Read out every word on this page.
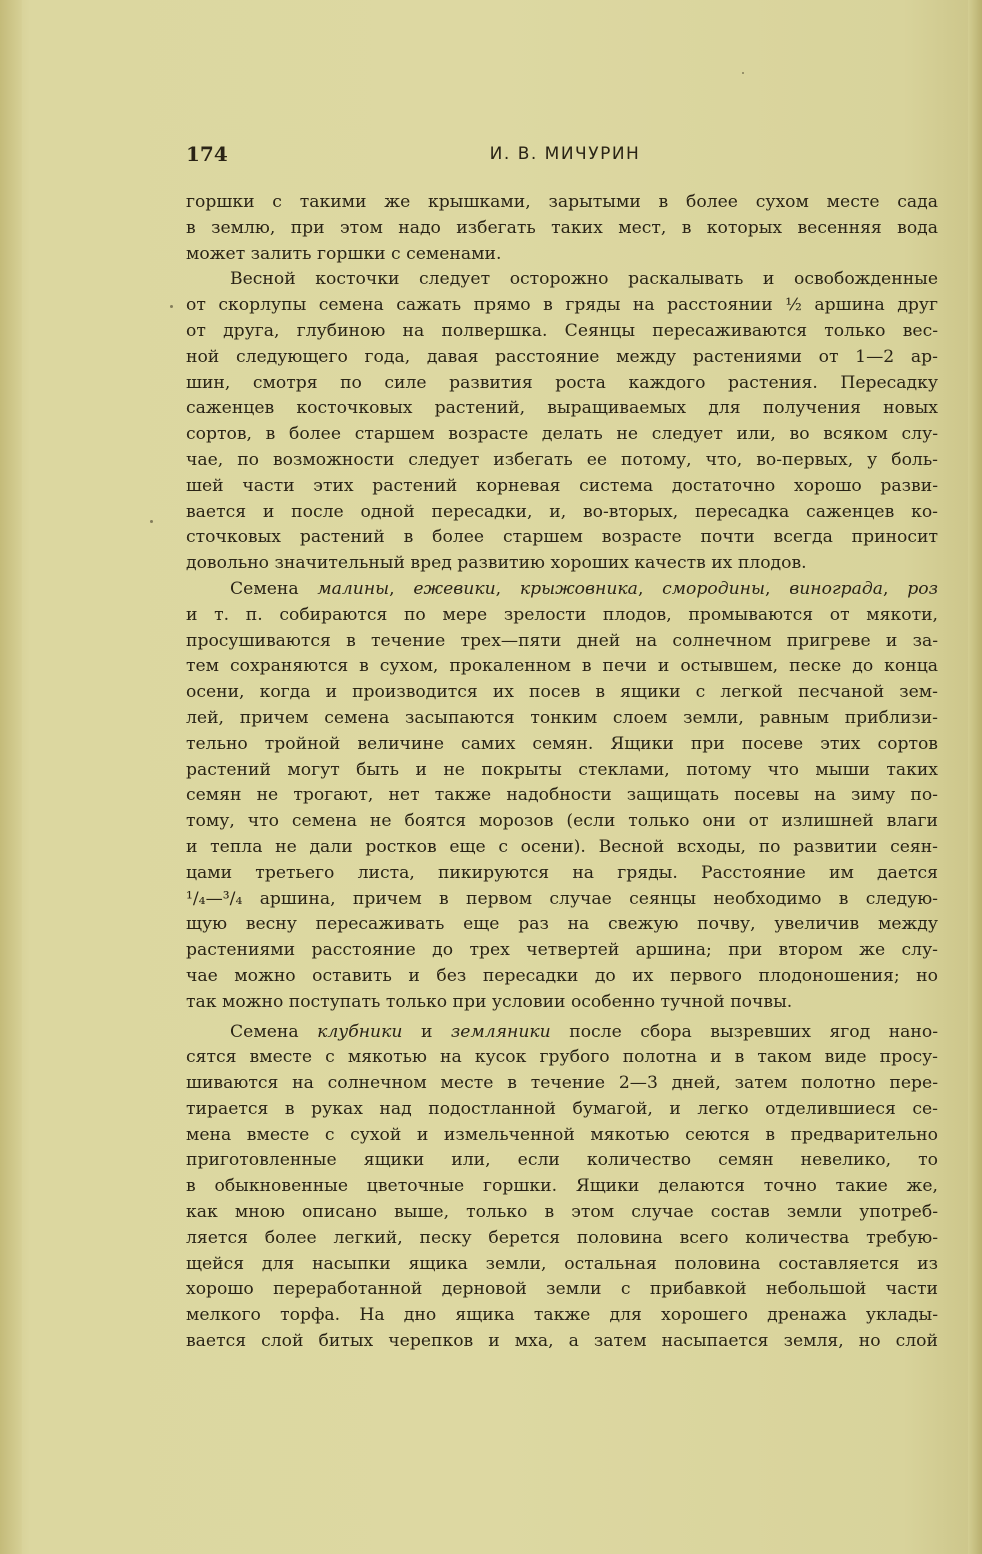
174	И. В. МИЧУРИН
горшки с такими же крышками, зарытыми в более сухом месте сада
в землю, при этом надо избегать таких мест, в которых весенняя вода
может залить горшки с семенами.
Весной косточки следует осторожно раскалывать и освобожденные
от скорлупы семена сажать прямо в гряды на расстоянии ½ аршина друг
от друга, глубиною на полвершка. Сеянцы пересаживаются только вес-
ной следующего года, давая расстояние между растениями от 1—2 ар-
шин, смотря по силе развития роста каждого растения. Пересадку
саженцев косточковых растений, выращиваемых для получения новых
сортов, в более старшем возрасте делать не следует или, во всяком слу-
чае, по возможности следует избегать ее потому, что, во-первых, у боль-
шей части этих растений корневая система достаточно хорошо разви-
вается и после одной пересадки, и, во-вторых, пересадка саженцев ко-
сточковых растений в более старшем возрасте почти всегда приносит
довольно значительный вред развитию хороших качеств их плодов.
Семена малины, ежевики, крыжовника, смородины, винограда, роз
и т. п. собираются по мере зрелости плодов, промываются от мякоти,
просушиваются в течение трех—пяти дней на солнечном пригреве и за-
тем сохраняются в сухом, прокаленном в печи и остывшем, песке до конца
осени, когда и производится их посев в ящики с легкой песчаной зем-
лей, причем семена засыпаются тонким слоем земли, равным приблизи-
тельно тройной величине самих семян. Ящики при посеве этих сортов
растений могут быть и не покрыты стеклами, потому что мыши таких
семян не трогают, нет также надобности защищать посевы на зиму по-
тому, что семена не боятся морозов (если только они от излишней влаги
и тепла не дали ростков еще с осени). Весной всходы, по развитии сеян-
цами третьего листа, пикируются на гряды. Расстояние им дается
¹/₄—³/₄ аршина, причем в первом случае сеянцы необходимо в следую-
щую весну пересаживать еще раз на свежую почву, увеличив между
растениями расстояние до трех четвертей аршина; при втором же слу-
чае можно оставить и без пересадки до их первого плодоношения; но
так можно поступать только при условии особенно тучной почвы.
Семена клубники и земляники после сбора вызревших ягод нано-
сятся вместе с мякотью на кусок грубого полотна и в таком виде просу-
шиваются на солнечном месте в течение 2—3 дней, затем полотно пере-
тирается в руках над подостланной бумагой, и легко отделившиеся се-
мена вместе с сухой и измельченной мякотью сеются в предварительно
приготовленные ящики или, если количество семян невелико, то
в обыкновенные цветочные горшки. Ящики делаются точно такие же,
как мною описано выше, только в этом случае состав земли употреб-
ляется более легкий, песку берется половина всего количества требую-
щейся для насыпки ящика земли, остальная половина составляется из
хорошо переработанной дерновой земли с прибавкой небольшой части
мелкого торфа. На дно ящика также для хорошего дренажа уклады-
вается слой битых черепков и мха, а затем насыпается земля, но слой
